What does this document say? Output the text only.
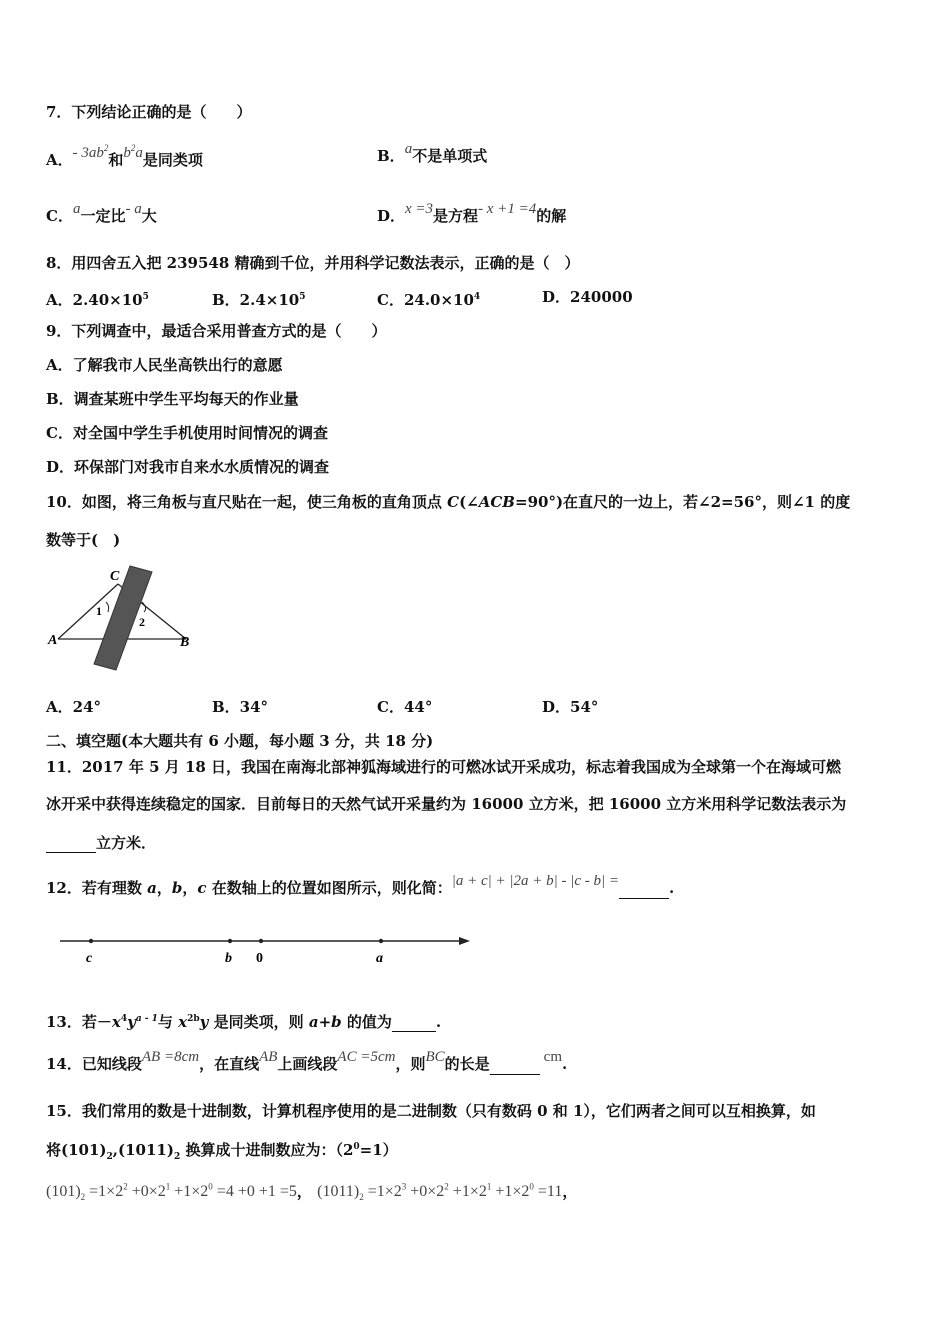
7．下列结论正确的是（　　）
A．- $3ab^2$和$b^2a$是同类项	B．a不是单项式
C．a一定比- a大	D．x =3是方程- x +1 =4的解
8．用四舍五入把 239548 精确到千位，并用科学记数法表示，正确的是（　）
A．$2.40\times 10^5$	B．$2.4\times 10^5$	C．$24.0\times 10^4$	D．240000
9．下列调查中，最适合采用普查方式的是（　　）
A．了解我市人民坐高铁出行的意愿
B．调查某班中学生平均每天的作业量
C．对全国中学生手机使用时间情况的调查
D．环保部门对我市自来水水质情况的调查
10．如图，将三角板与直尺贴在一起，使三角板的直角顶点 C(∠ACB=90°)在直尺的一边上，若∠2=56°，则∠1 的度
数等于(　)
C
A	B
1
2
A．24°	B．34°	C．44°	D．54°
二、填空题(本大题共有 6 小题，每小题 3 分，共 18 分)
11．2017 年 5 月 18 日，我国在南海北部神狐海域进行的可燃冰试开采成功，标志着我国成为全球第一个在海域可燃
冰开采中获得连续稳定的国家．目前每日的天然气试开采量约为 16000 立方米，把 16000 立方米用科学记数法表示为
立方米．
12．若有理数 a，b，c 在数轴上的位置如图所示，则化简：|a + c| + |2a + b| - |c - b| =	.
c	b 0	a
13．若$-x^4y^{a - 1}$与 $x^{2b}y$ 是同类项，则 a+b 的值为	.
14．已知线段AB =8cm，在直线AB上画线段AC =5cm，则BC的长是	cm.
15．我们常用的数是十进制数，计算机程序使用的是二进制数（只有数码 0 和 1），它们两者之间可以互相换算，如
将$(101)_2,(1011)_2$ 换算成十进制数应为：$(2^0=1)$
$(101)_2 =1\times 2^2 +0\times 2^1 +1\times 2^0 =4 +0 +1 =5$， $(1011)_2 =1\times 2^3 +0\times 2^2 +1\times 2^1 +1\times 2^0 =11$，
